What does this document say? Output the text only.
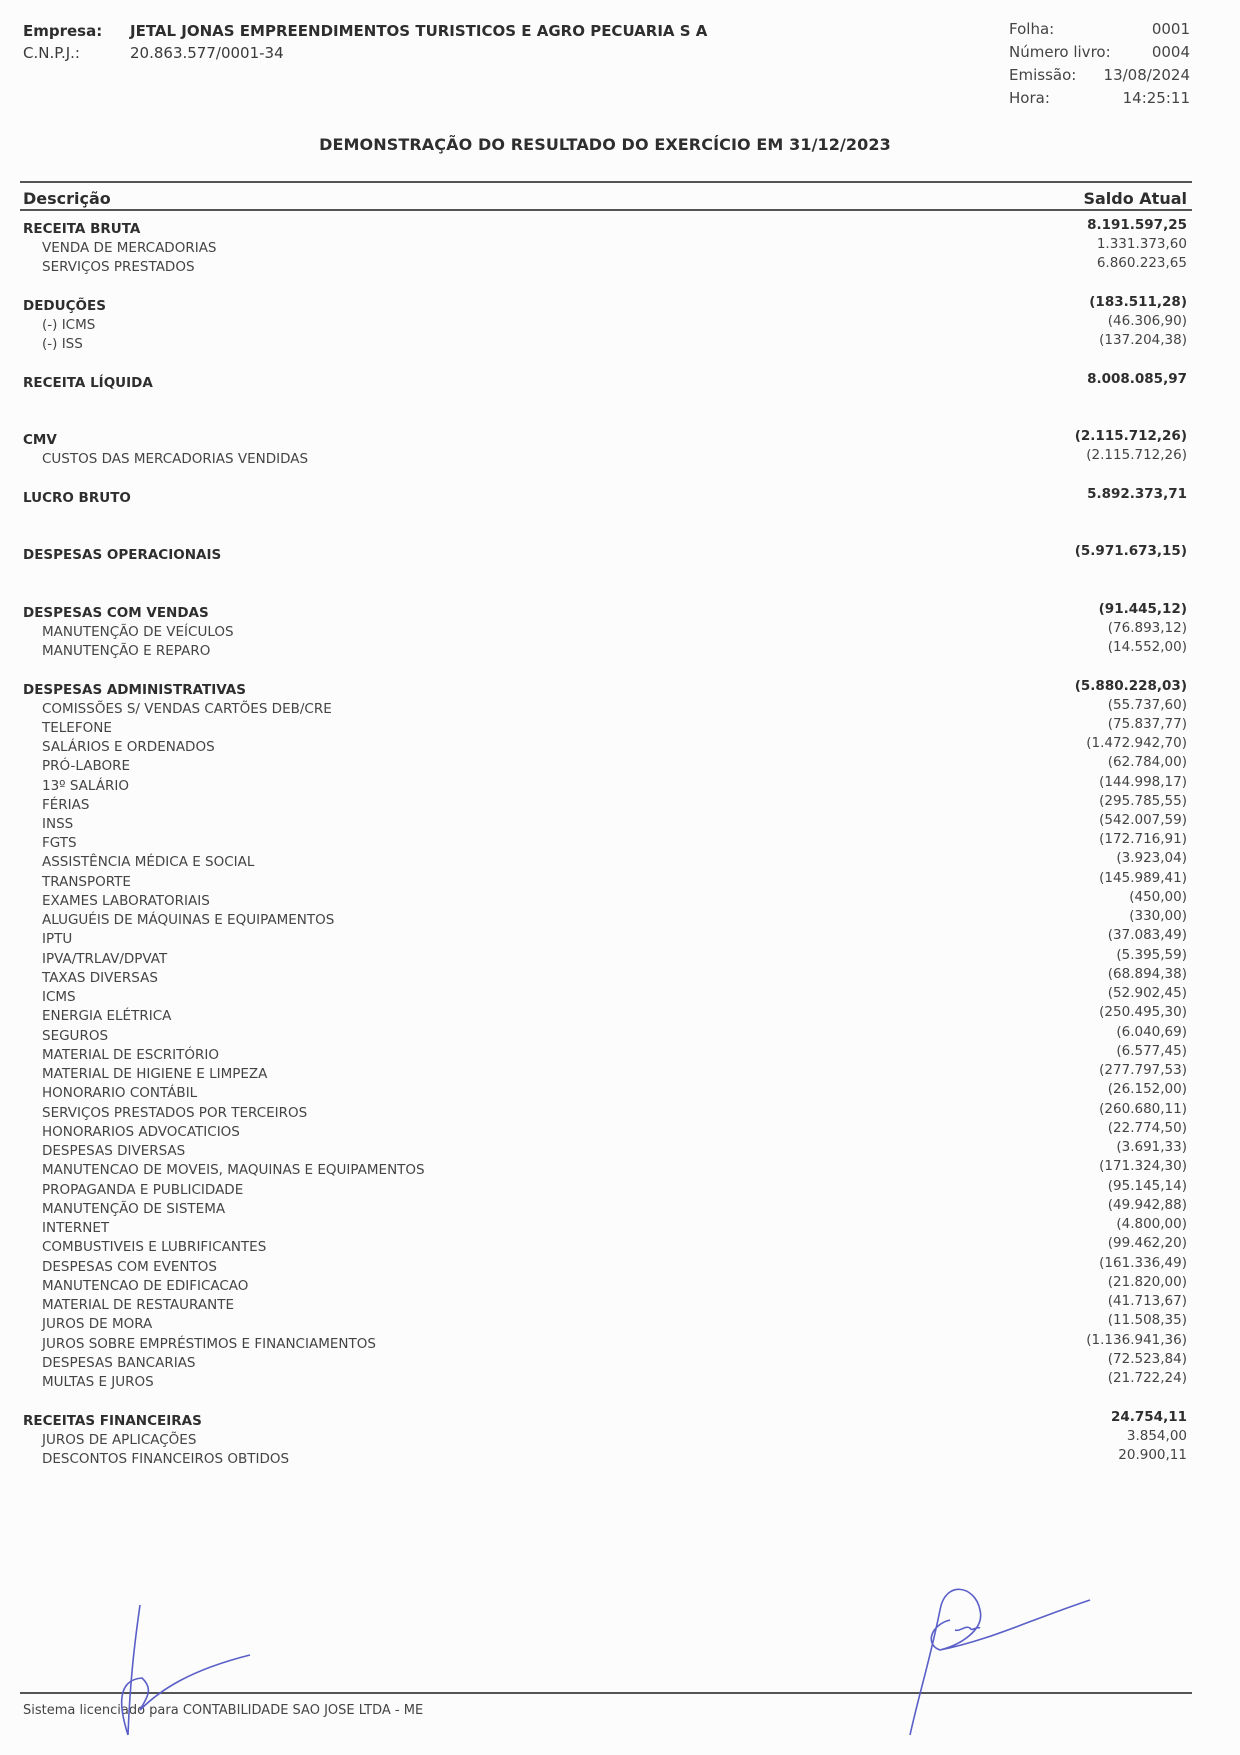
Empresa:	JETAL JONAS EMPREENDIMENTOS TURISTICOS E AGRO PECUARIA S A
C.N.P.J.:	20.863.577/0001-34
Folha:	0001
Número livro:	0004
Emissão: 13/08/2024
Hora:	14:25:11
DEMONSTRAÇÃO DO RESULTADO DO EXERCÍCIO EM 31/12/2023
Descrição	Saldo Atual
RECEITA BRUTA	8.191.597,25
VENDA DE MERCADORIAS	1.331.373,60
SERVIÇOS PRESTADOS	6.860.223,65
DEDUÇÕES	(183.511,28)
(-) ICMS	(46.306,90)
(-) ISS	(137.204,38)
RECEITA LÍQUIDA	8.008.085,97
CMV	(2.115.712,26)
CUSTOS DAS MERCADORIAS VENDIDAS	(2.115.712,26)
LUCRO BRUTO	5.892.373,71
DESPESAS OPERACIONAIS	(5.971.673,15)
DESPESAS COM VENDAS	(91.445,12)
MANUTENÇÃO DE VEÍCULOS	(76.893,12)
MANUTENÇÃO E REPARO	(14.552,00)
DESPESAS ADMINISTRATIVAS	(5.880.228,03)
COMISSÕES S/ VENDAS CARTÕES DEB/CRE	(55.737,60)
TELEFONE	(75.837,77)
SALÁRIOS E ORDENADOS	(1.472.942,70)
PRÓ-LABORE	(62.784,00)
13º SALÁRIO	(144.998,17)
FÉRIAS	(295.785,55)
INSS	(542.007,59)
FGTS	(172.716,91)
ASSISTÊNCIA MÉDICA E SOCIAL	(3.923,04)
TRANSPORTE	(145.989,41)
EXAMES LABORATORIAIS	(450,00)
ALUGUÉIS DE MÁQUINAS E EQUIPAMENTOS	(330,00)
IPTU	(37.083,49)
IPVA/TRLAV/DPVAT	(5.395,59)
TAXAS DIVERSAS	(68.894,38)
ICMS	(52.902,45)
ENERGIA ELÉTRICA	(250.495,30)
SEGUROS	(6.040,69)
MATERIAL DE ESCRITÓRIO	(6.577,45)
MATERIAL DE HIGIENE E LIMPEZA	(277.797,53)
HONORARIO CONTÁBIL	(26.152,00)
SERVIÇOS PRESTADOS POR TERCEIROS	(260.680,11)
HONORARIOS ADVOCATICIOS	(22.774,50)
DESPESAS DIVERSAS	(3.691,33)
MANUTENCAO DE MOVEIS, MAQUINAS E EQUIPAMENTOS	(171.324,30)
PROPAGANDA E PUBLICIDADE	(95.145,14)
MANUTENÇÃO DE SISTEMA	(49.942,88)
INTERNET	(4.800,00)
COMBUSTIVEIS E LUBRIFICANTES	(99.462,20)
DESPESAS COM EVENTOS	(161.336,49)
MANUTENCAO DE EDIFICACAO	(21.820,00)
MATERIAL DE RESTAURANTE	(41.713,67)
JUROS DE MORA	(11.508,35)
JUROS SOBRE EMPRÉSTIMOS E FINANCIAMENTOS	(1.136.941,36)
DESPESAS BANCARIAS	(72.523,84)
MULTAS E JUROS	(21.722,24)
RECEITAS FINANCEIRAS	24.754,11
JUROS DE APLICAÇÕES	3.854,00
DESCONTOS FINANCEIROS OBTIDOS	20.900,11
Sistema licenciado para CONTABILIDADE SAO JOSE LTDA - ME
